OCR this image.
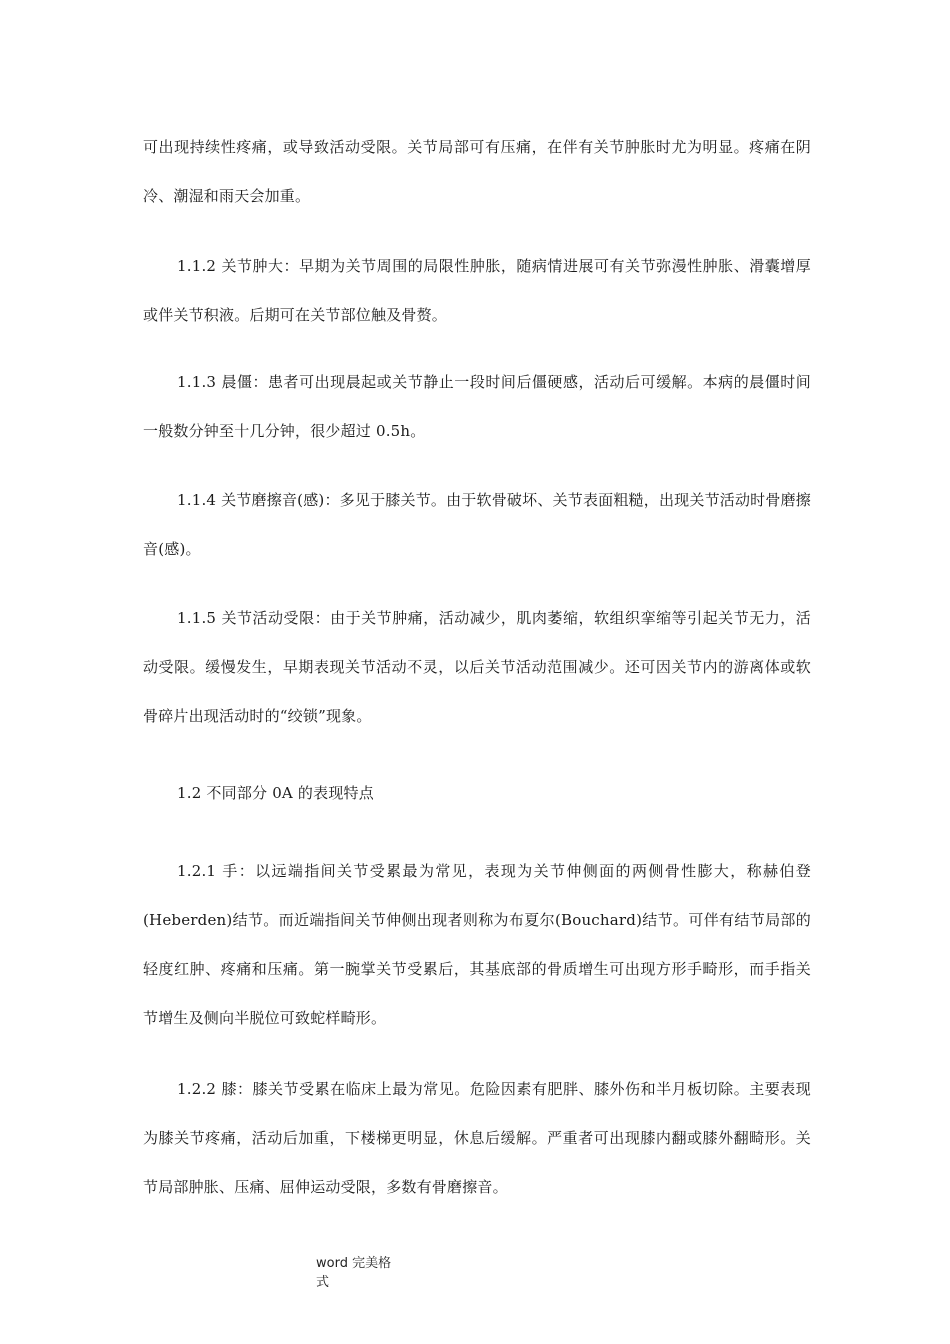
可出现持续性疼痛，或导致活动受限。关节局部可有压痛，在伴有关节肿胀时尤为明显。疼痛在阴冷、潮湿和雨天会加重。

1.1.2 关节肿大：早期为关节周围的局限性肿胀，随病情进展可有关节弥漫性肿胀、滑囊增厚或伴关节积液。后期可在关节部位触及骨赘。

1.1.3 晨僵：患者可出现晨起或关节静止一段时间后僵硬感，活动后可缓解。本病的晨僵时间一般数分钟至十几分钟，很少超过 0.5h。

1.1.4 关节磨擦音(感)：多见于膝关节。由于软骨破坏、关节表面粗糙，出现关节活动时骨磨擦音(感)。

1.1.5 关节活动受限：由于关节肿痛，活动减少，肌肉萎缩，软组织挛缩等引起关节无力，活动受限。缓慢发生，早期表现关节活动不灵，以后关节活动范围减少。还可因关节内的游离体或软骨碎片出现活动时的“绞锁”现象。

1.2 不同部分 0A 的表现特点

1.2.1 手：以远端指间关节受累最为常见，表现为关节伸侧面的两侧骨性膨大，称赫伯登(Heberden)结节。而近端指间关节伸侧出现者则称为布夏尔(Bouchard)结节。可伴有结节局部的轻度红肿、疼痛和压痛。第一腕掌关节受累后，其基底部的骨质增生可出现方形手畸形，而手指关节增生及侧向半脱位可致蛇样畸形。

1.2.2 膝：膝关节受累在临床上最为常见。危险因素有肥胖、膝外伤和半月板切除。主要表现为膝关节疼痛，活动后加重，下楼梯更明显，休息后缓解。严重者可出现膝内翻或膝外翻畸形。关节局部肿胀、压痛、屈伸运动受限，多数有骨磨擦音。

word 完美格式
